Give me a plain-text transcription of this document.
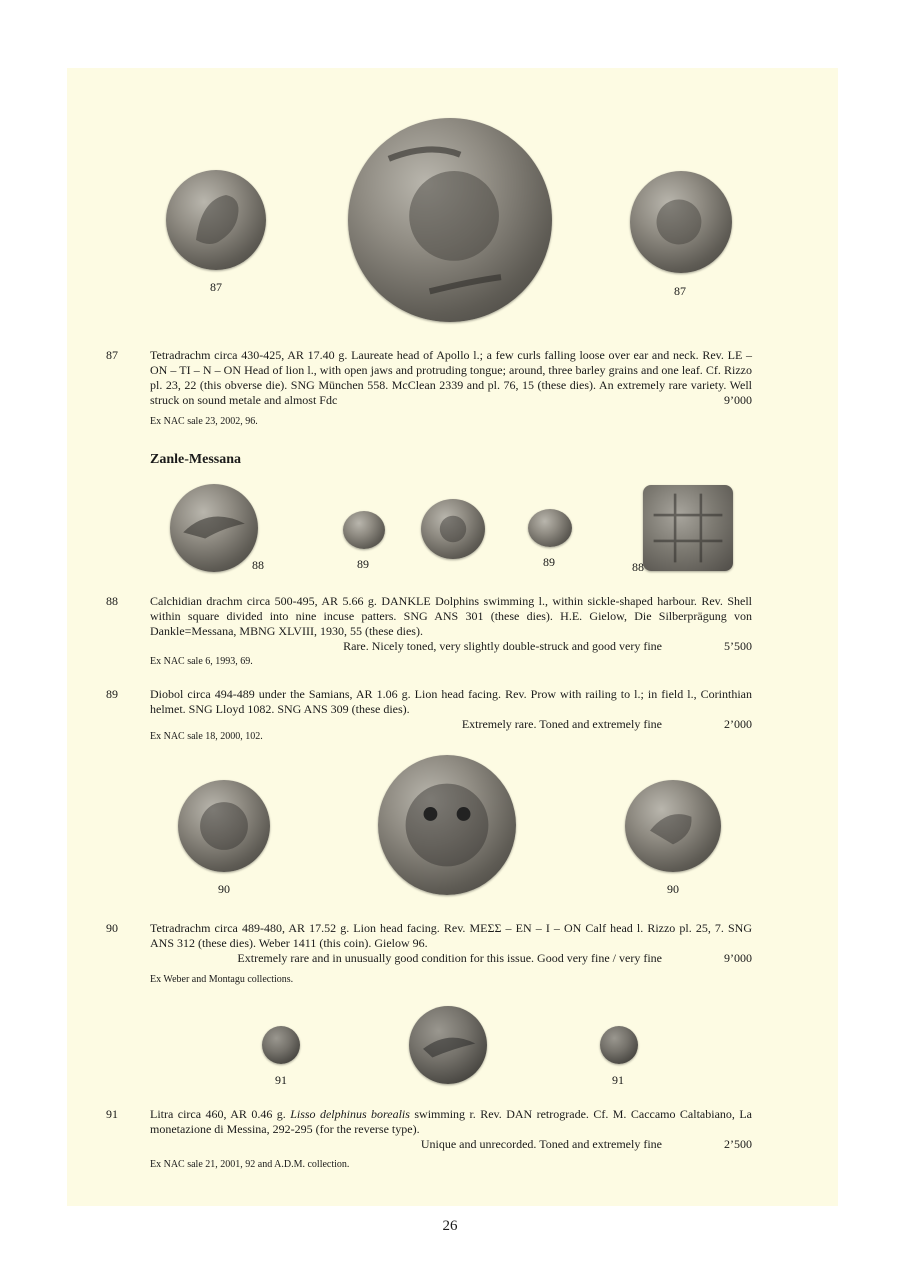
87	87
87	Tetradrachm circa 430-425, AR 17.40 g. Laureate head of Apollo l.; a few curls falling loose over ear and neck. Rev. LE – ON – TI – N – ON Head of lion l., with open jaws and protruding tongue; around, three barley grains and one leaf. Cf. Rizzo pl. 23, 22 (this obverse die). SNG München 558. McClean 2339 and pl. 76, 15 (these dies). An extremely rare variety. Well struck on sound metale and almost Fdc	9’000

Ex NAC sale 23, 2002, 96.
Zanle-Messana
88	89	89	88
88	Calchidian drachm circa 500-495, AR 5.66 g. DANKLE Dolphins swimming l., within sickle-shaped harbour. Rev. Shell within square divided into nine incuse patters. SNG ANS 301 (these dies). H.E. Gielow, Die Silberprägung von Dankle=Messana, MBNG XLVIII, 1930, 55 (these dies).

Rare. Nicely toned, very slightly double-struck and good very fine	5’500
Ex NAC sale 6, 1993, 69.
89	Diobol circa 494-489 under the Samians, AR 1.06 g. Lion head facing. Rev. Prow with railing to l.; in field l., Corinthian helmet. SNG Lloyd 1082. SNG ANS 309 (these dies).

Extremely rare. Toned and extremely fine	2’000
Ex NAC sale 18, 2000, 102.
90	90
90	Tetradrachm circa 489-480, AR 17.52 g. Lion head facing. Rev. ΜΕΣΣ – ΕΝ – Ι – ΟΝ Calf head l. Rizzo pl. 25, 7. SNG ANS 312 (these dies). Weber 1411 (this coin). Gielow 96.

Extremely rare and in unusually good condition for this issue. Good very fine / very fine	9’000
Ex Weber and Montagu collections.
91	91
91	Litra circa 460, AR 0.46 g. Lisso delphinus borealis swimming r. Rev. DAN retrograde. Cf. M. Caccamo Caltabiano, La monetazione di Messina, 292-295 (for the reverse type).

Unique and unrecorded. Toned and extremely fine	2’500
Ex NAC sale 21, 2001, 92 and A.D.M. collection.
26
